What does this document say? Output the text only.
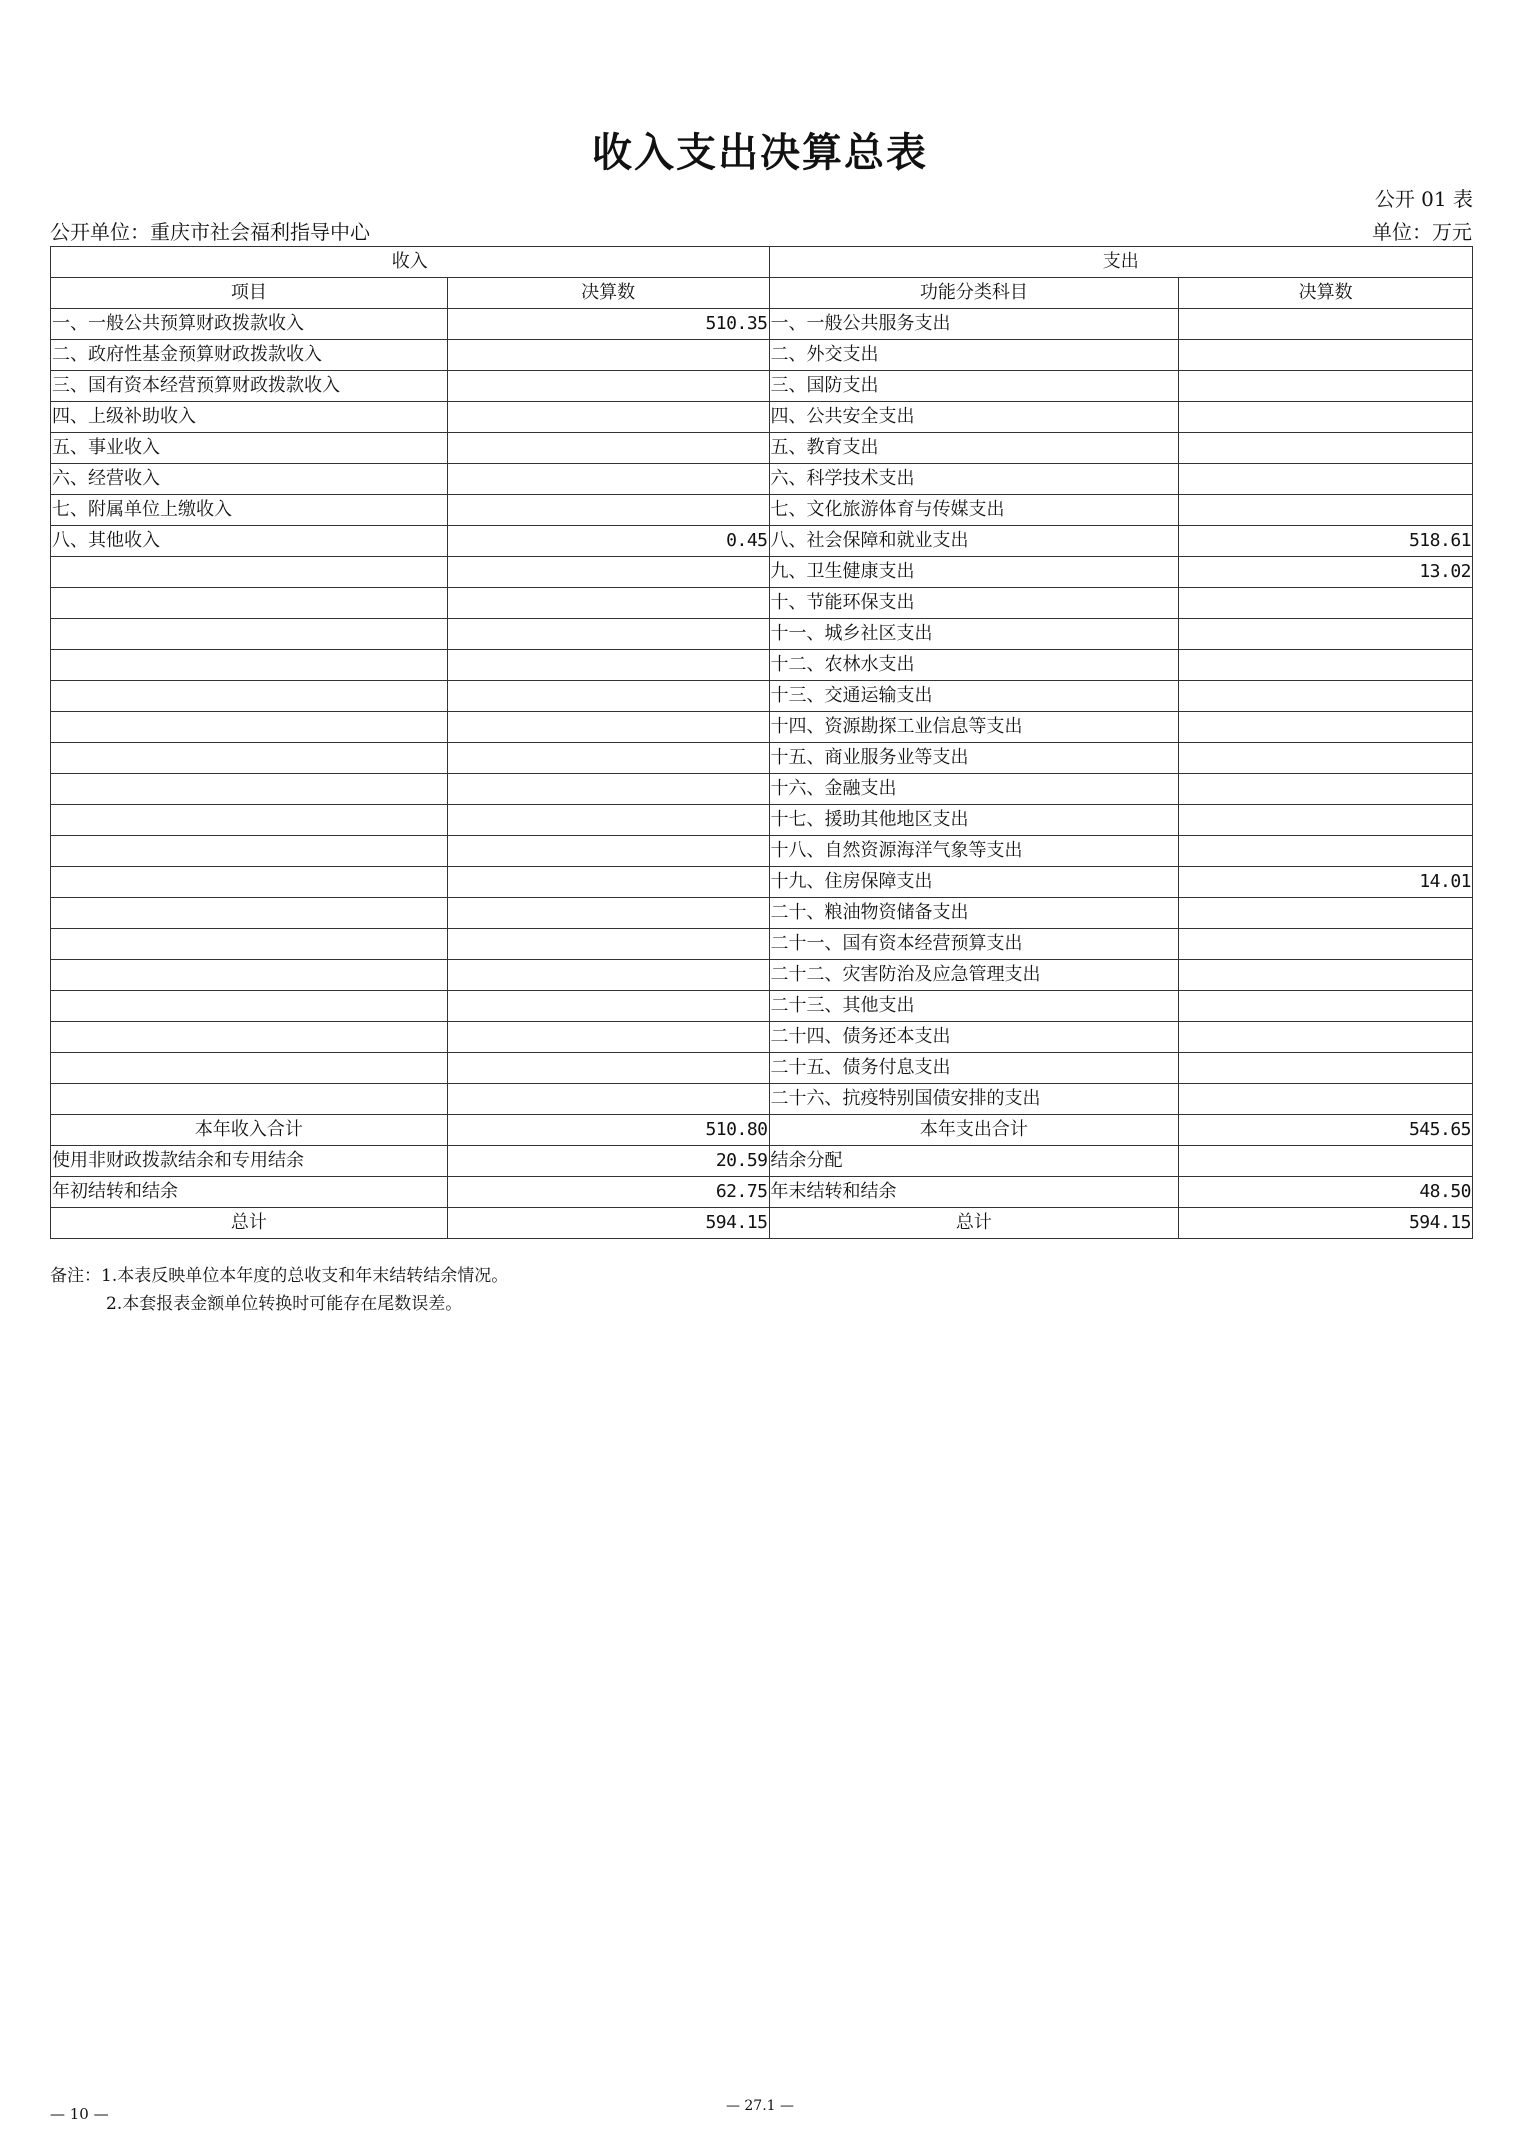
收入支出决算总表
公开 01 表
公开单位：重庆市社会福利指导中心	单位：万元
收入		支出	
项目	决算数	功能分类科目	决算数
一、一般公共预算财政拨款收入	510.35	一、一般公共服务支出	
二、政府性基金预算财政拨款收入		二、外交支出	
三、国有资本经营预算财政拨款收入		三、国防支出	
四、上级补助收入		四、公共安全支出	
五、事业收入		五、教育支出	
六、经营收入		六、科学技术支出	
七、附属单位上缴收入		七、文化旅游体育与传媒支出	
八、其他收入	0.45	八、社会保障和就业支出	518.61
		九、卫生健康支出	13.02
		十、节能环保支出	
		十一、城乡社区支出	
		十二、农林水支出	
		十三、交通运输支出	
		十四、资源勘探工业信息等支出	
		十五、商业服务业等支出	
		十六、金融支出	
		十七、援助其他地区支出	
		十八、自然资源海洋气象等支出	
		十九、住房保障支出	14.01
		二十、粮油物资储备支出	
		二十一、国有资本经营预算支出	
		二十二、灾害防治及应急管理支出	
		二十三、其他支出	
		二十四、债务还本支出	
		二十五、债务付息支出	
		二十六、抗疫特别国债安排的支出	
本年收入合计	510.80	本年支出合计	545.65
使用非财政拨款结余和专用结余	20.59	结余分配	
年初结转和结余	62.75	年末结转和结余	48.50
总计	594.15	总计	594.15
备注：1.本表反映单位本年度的总收支和年末结转结余情况。
2.本套报表金额单位转换时可能存在尾数误差。
— 10 —	— 27.1 —
